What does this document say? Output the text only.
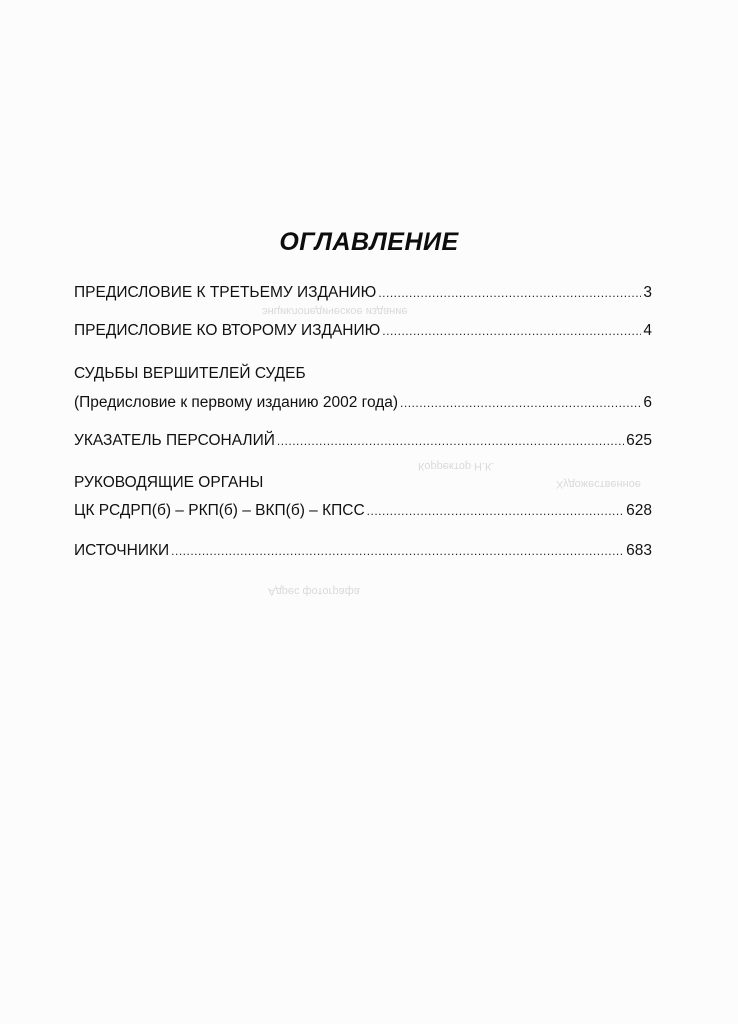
энциклопедическое издание
Корректор Н.К.
Художественное
Адрес фотографа
ОГЛАВЛЕНИЕ
ПРЕДИСЛОВИЕ К ТРЕТЬЕМУ ИЗДАНИЮ .....	3
ПРЕДИСЛОВИЕ КО ВТОРОМУ ИЗДАНИЮ .....	4
СУДЬБЫ ВЕРШИТЕЛЕЙ СУДЕБ
(Предисловие к первому изданию 2002 года) .....	6
УКАЗАТЕЛЬ ПЕРСОНАЛИЙ .....	625
РУКОВОДЯЩИЕ ОРГАНЫ
ЦК РСДРП(б) – РКП(б) – ВКП(б) – КПСС .....	628
ИСТОЧНИКИ .....	683
